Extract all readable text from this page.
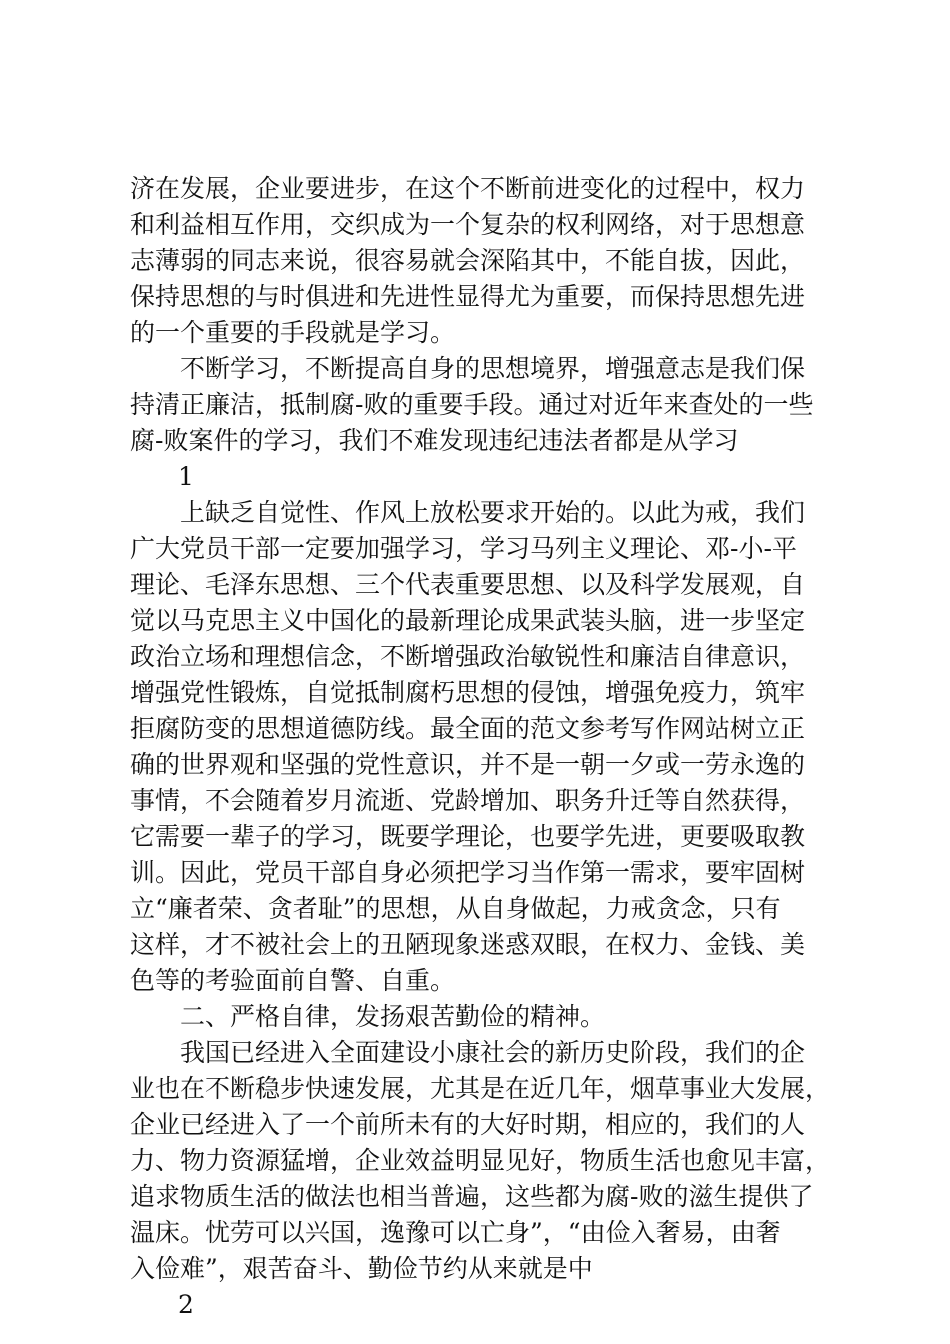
济在发展，企业要进步，在这个不断前进变化的过程中，权力
和利益相互作用，交织成为一个复杂的权利网络，对于思想意
志薄弱的同志来说，很容易就会深陷其中，不能自拔，因此，
保持思想的与时俱进和先进性显得尤为重要，而保持思想先进
的一个重要的手段就是学习。
不断学习，不断提高自身的思想境界，增强意志是我们保
持清正廉洁，抵制腐-败的重要手段。通过对近年来查处的一些
腐-败案件的学习，我们不难发现违纪违法者都是从学习
1
上缺乏自觉性、作风上放松要求开始的。以此为戒，我们
广大党员干部一定要加强学习，学习马列主义理论、邓-小-平
理论、毛泽东思想、三个代表重要思想、以及科学发展观，自
觉以马克思主义中国化的最新理论成果武装头脑，进一步坚定
政治立场和理想信念，不断增强政治敏锐性和廉洁自律意识，
增强党性锻炼，自觉抵制腐朽思想的侵蚀，增强免疫力，筑牢
拒腐防变的思想道德防线。最全面的范文参考写作网站树立正
确的世界观和坚强的党性意识，并不是一朝一夕或一劳永逸的
事情，不会随着岁月流逝、党龄增加、职务升迁等自然获得，
它需要一辈子的学习，既要学理论，也要学先进，更要吸取教
训。因此，党员干部自身必须把学习当作第一需求，要牢固树
立“廉者荣、贪者耻”的思想，从自身做起，力戒贪念，只有
这样，才不被社会上的丑陋现象迷惑双眼，在权力、金钱、美
色等的考验面前自警、自重。
二、严格自律，发扬艰苦勤俭的精神。
我国已经进入全面建设小康社会的新历史阶段，我们的企
业也在不断稳步快速发展，尤其是在近几年，烟草事业大发展，
企业已经进入了一个前所未有的大好时期，相应的，我们的人
力、物力资源猛增，企业效益明显见好，物质生活也愈见丰富，
追求物质生活的做法也相当普遍，这些都为腐-败的滋生提供了
温床。忧劳可以兴国，逸豫可以亡身”，“由俭入奢易，由奢
入俭难”，艰苦奋斗、勤俭节约从来就是中
2
